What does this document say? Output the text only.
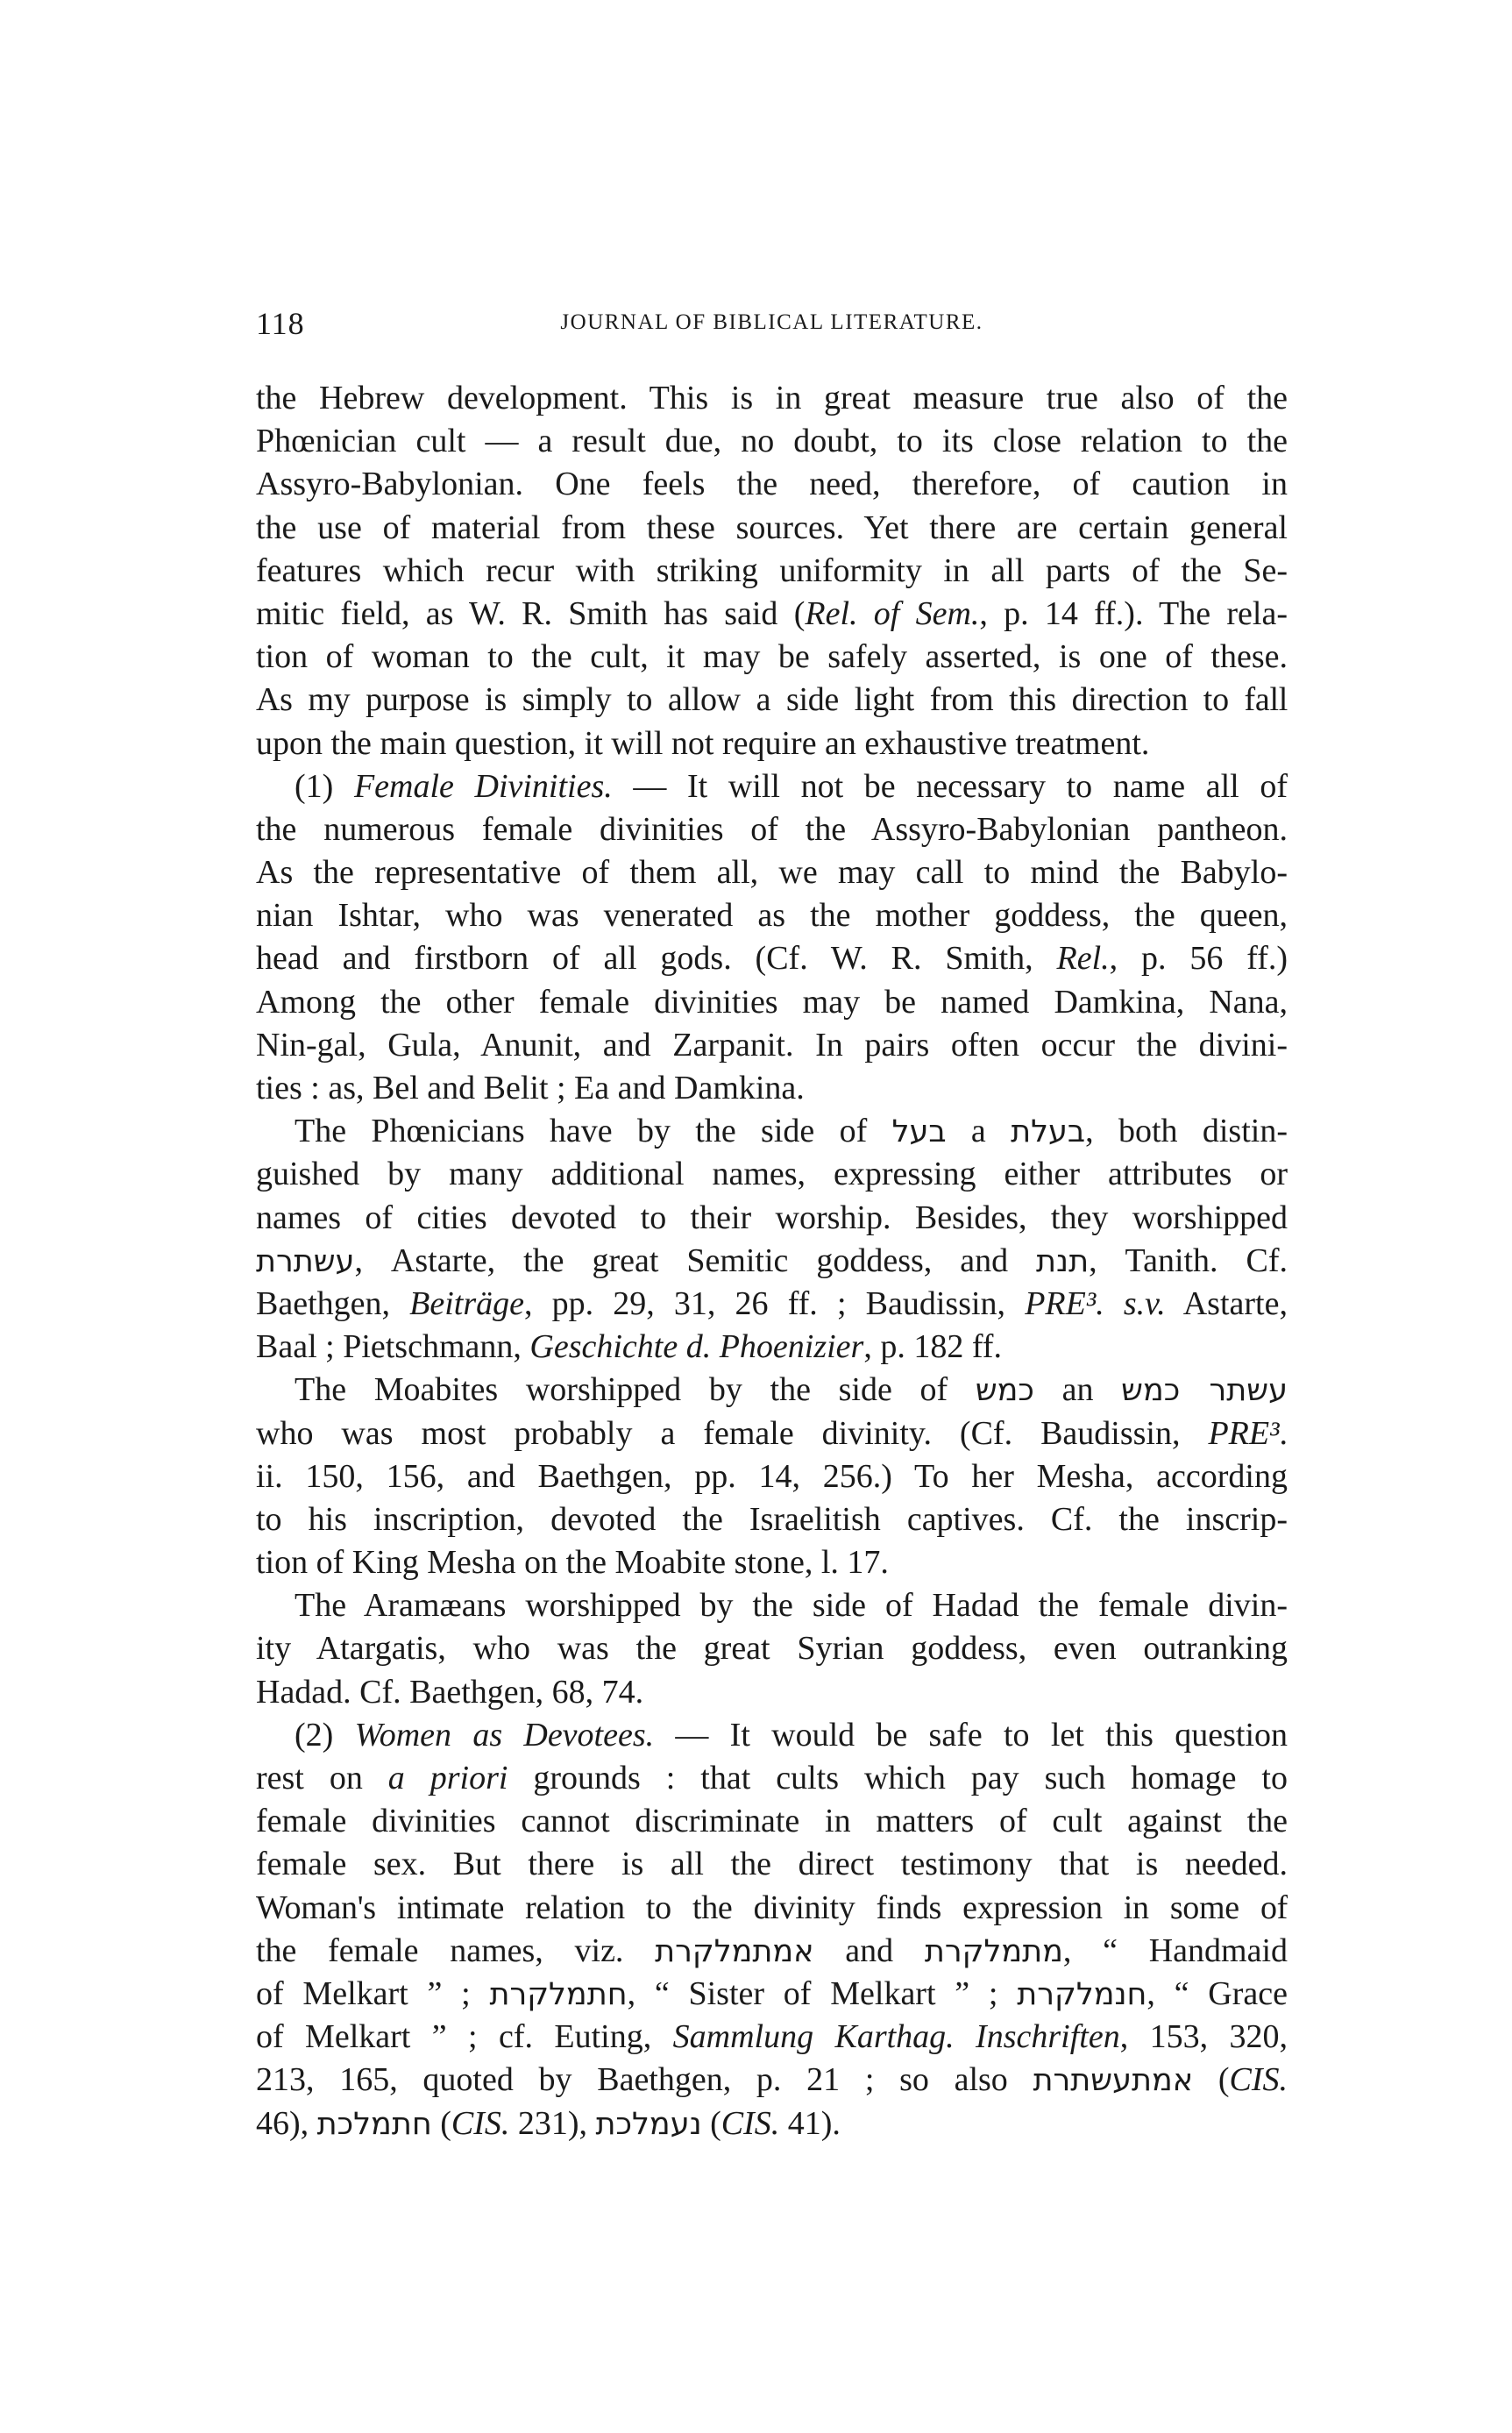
118	JOURNAL OF BIBLICAL LITERATURE.
the Hebrew development. This is in great measure true also of the
Phœnician cult — a result due, no doubt, to its close relation to the
Assyro-Babylonian. One feels the need, therefore, of caution in
the use of material from these sources. Yet there are certain general
features which recur with striking uniformity in all parts of the Se-
mitic field, as W. R. Smith has said (Rel. of Sem., p. 14 ff.). The rela-
tion of woman to the cult, it may be safely asserted, is one of these.
As my purpose is simply to allow a side light from this direction to fall
upon the main question, it will not require an exhaustive treatment.
(1) Female Divinities. — It will not be necessary to name all of
the numerous female divinities of the Assyro-Babylonian pantheon.
As the representative of them all, we may call to mind the Babylo-
nian Ishtar, who was venerated as the mother goddess, the queen,
head and firstborn of all gods. (Cf. W. R. Smith, Rel., p. 56 ff.)
Among the other female divinities may be named Damkina, Nana,
Nin-gal, Gula, Anunit, and Zarpanit. In pairs often occur the divini-
ties : as, Bel and Belit ; Ea and Damkina.
The Phœnicians have by the side of בעל a בעלת, both distin-
guished by many additional names, expressing either attributes or
names of cities devoted to their worship. Besides, they worshipped
עשתרת, Astarte, the great Semitic goddess, and תנת, Tanith. Cf.
Baethgen, Beiträge, pp. 29, 31, 26 ff. ; Baudissin, PRE³. s.v. Astarte,
Baal ; Pietschmann, Geschichte d. Phoenizier, p. 182 ff.
The Moabites worshipped by the side of כמש an עשתר כמש
who was most probably a female divinity. (Cf. Baudissin, PRE³.
ii. 150, 156, and Baethgen, pp. 14, 256.) To her Mesha, according
to his inscription, devoted the Israelitish captives. Cf. the inscrip-
tion of King Mesha on the Moabite stone, l. 17.
The Aramæans worshipped by the side of Hadad the female divin-
ity Atargatis, who was the great Syrian goddess, even outranking
Hadad. Cf. Baethgen, 68, 74.
(2) Women as Devotees. — It would be safe to let this question
rest on a priori grounds : that cults which pay such homage to
female divinities cannot discriminate in matters of cult against the
female sex. But there is all the direct testimony that is needed.
Woman's intimate relation to the divinity finds expression in some of
the female names, viz. אמתמלקרת and מתמלקרת, “ Handmaid
of Melkart ” ; חתמלקרת, “ Sister of Melkart ” ; חנמלקרת, “ Grace
of Melkart ” ; cf. Euting, Sammlung Karthag. Inschriften, 153, 320,
213, 165, quoted by Baethgen, p. 21 ; so also אמתעשתרת (CIS.
46), חתמלכת (CIS. 231), נעמלכת (CIS. 41).
